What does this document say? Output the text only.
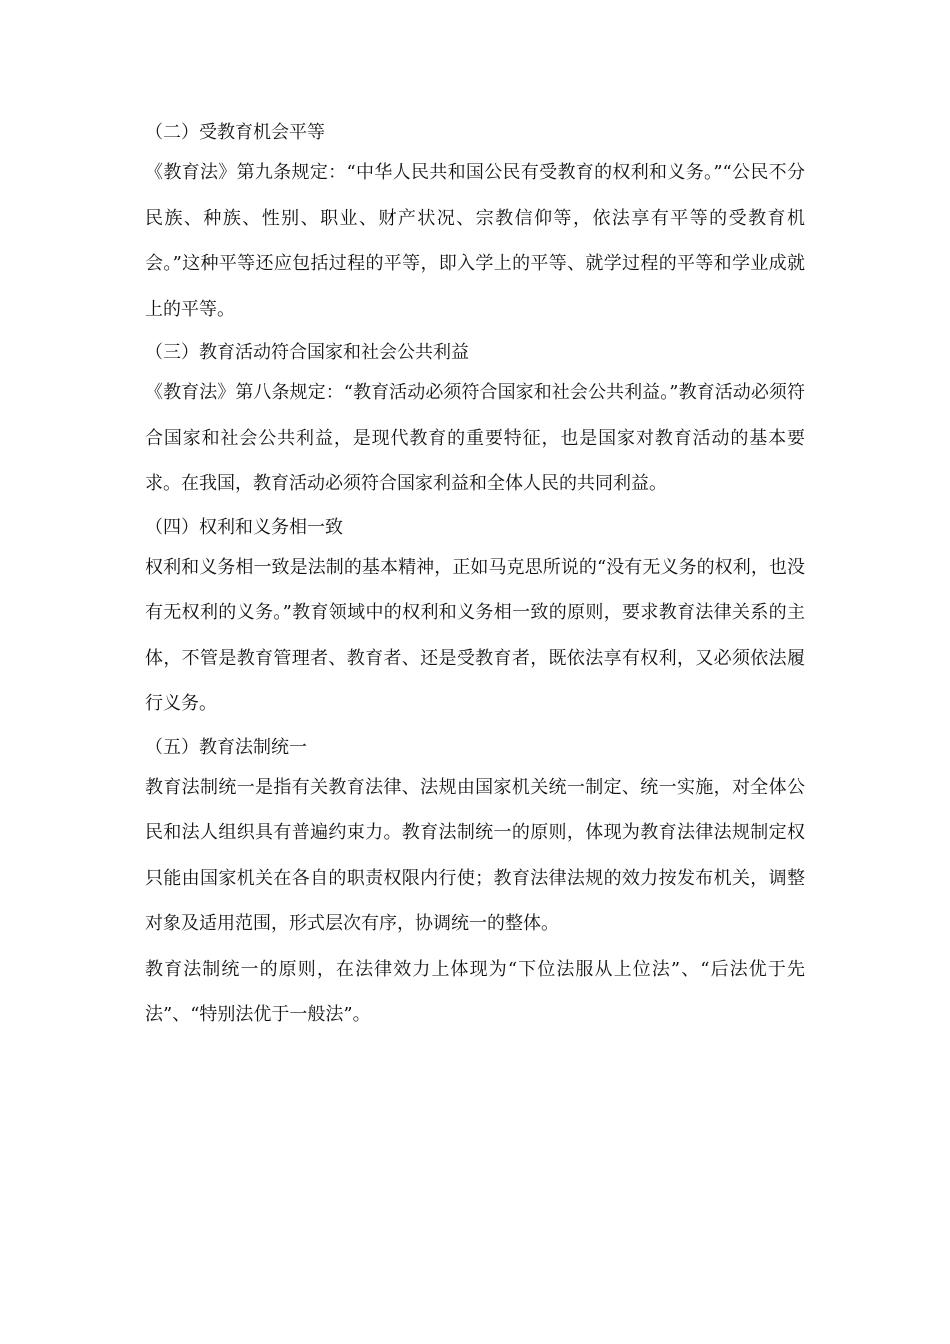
（二）受教育机会平等

《教育法》第九条规定：“中华人民共和国公民有受教育的权利和义务。”“公民不分民族、种族、性别、职业、财产状况、宗教信仰等，依法享有平等的受教育机会。”这种平等还应包括过程的平等，即入学上的平等、就学过程的平等和学业成就上的平等。

（三）教育活动符合国家和社会公共利益

《教育法》第八条规定：“教育活动必须符合国家和社会公共利益。”教育活动必须符合国家和社会公共利益，是现代教育的重要特征，也是国家对教育活动的基本要求。在我国，教育活动必须符合国家利益和全体人民的共同利益。

（四）权利和义务相一致

权利和义务相一致是法制的基本精神，正如马克思所说的“没有无义务的权利，也没有无权利的义务。”教育领域中的权利和义务相一致的原则，要求教育法律关系的主体，不管是教育管理者、教育者、还是受教育者，既依法享有权利，又必须依法履行义务。

（五）教育法制统一

教育法制统一是指有关教育法律、法规由国家机关统一制定、统一实施，对全体公民和法人组织具有普遍约束力。教育法制统一的原则，体现为教育法律法规制定权只能由国家机关在各自的职责权限内行使；教育法律法规的效力按发布机关，调整对象及适用范围，形式层次有序，协调统一的整体。

教育法制统一的原则，在法律效力上体现为“下位法服从上位法”、“后法优于先法”、“特别法优于一般法”。
